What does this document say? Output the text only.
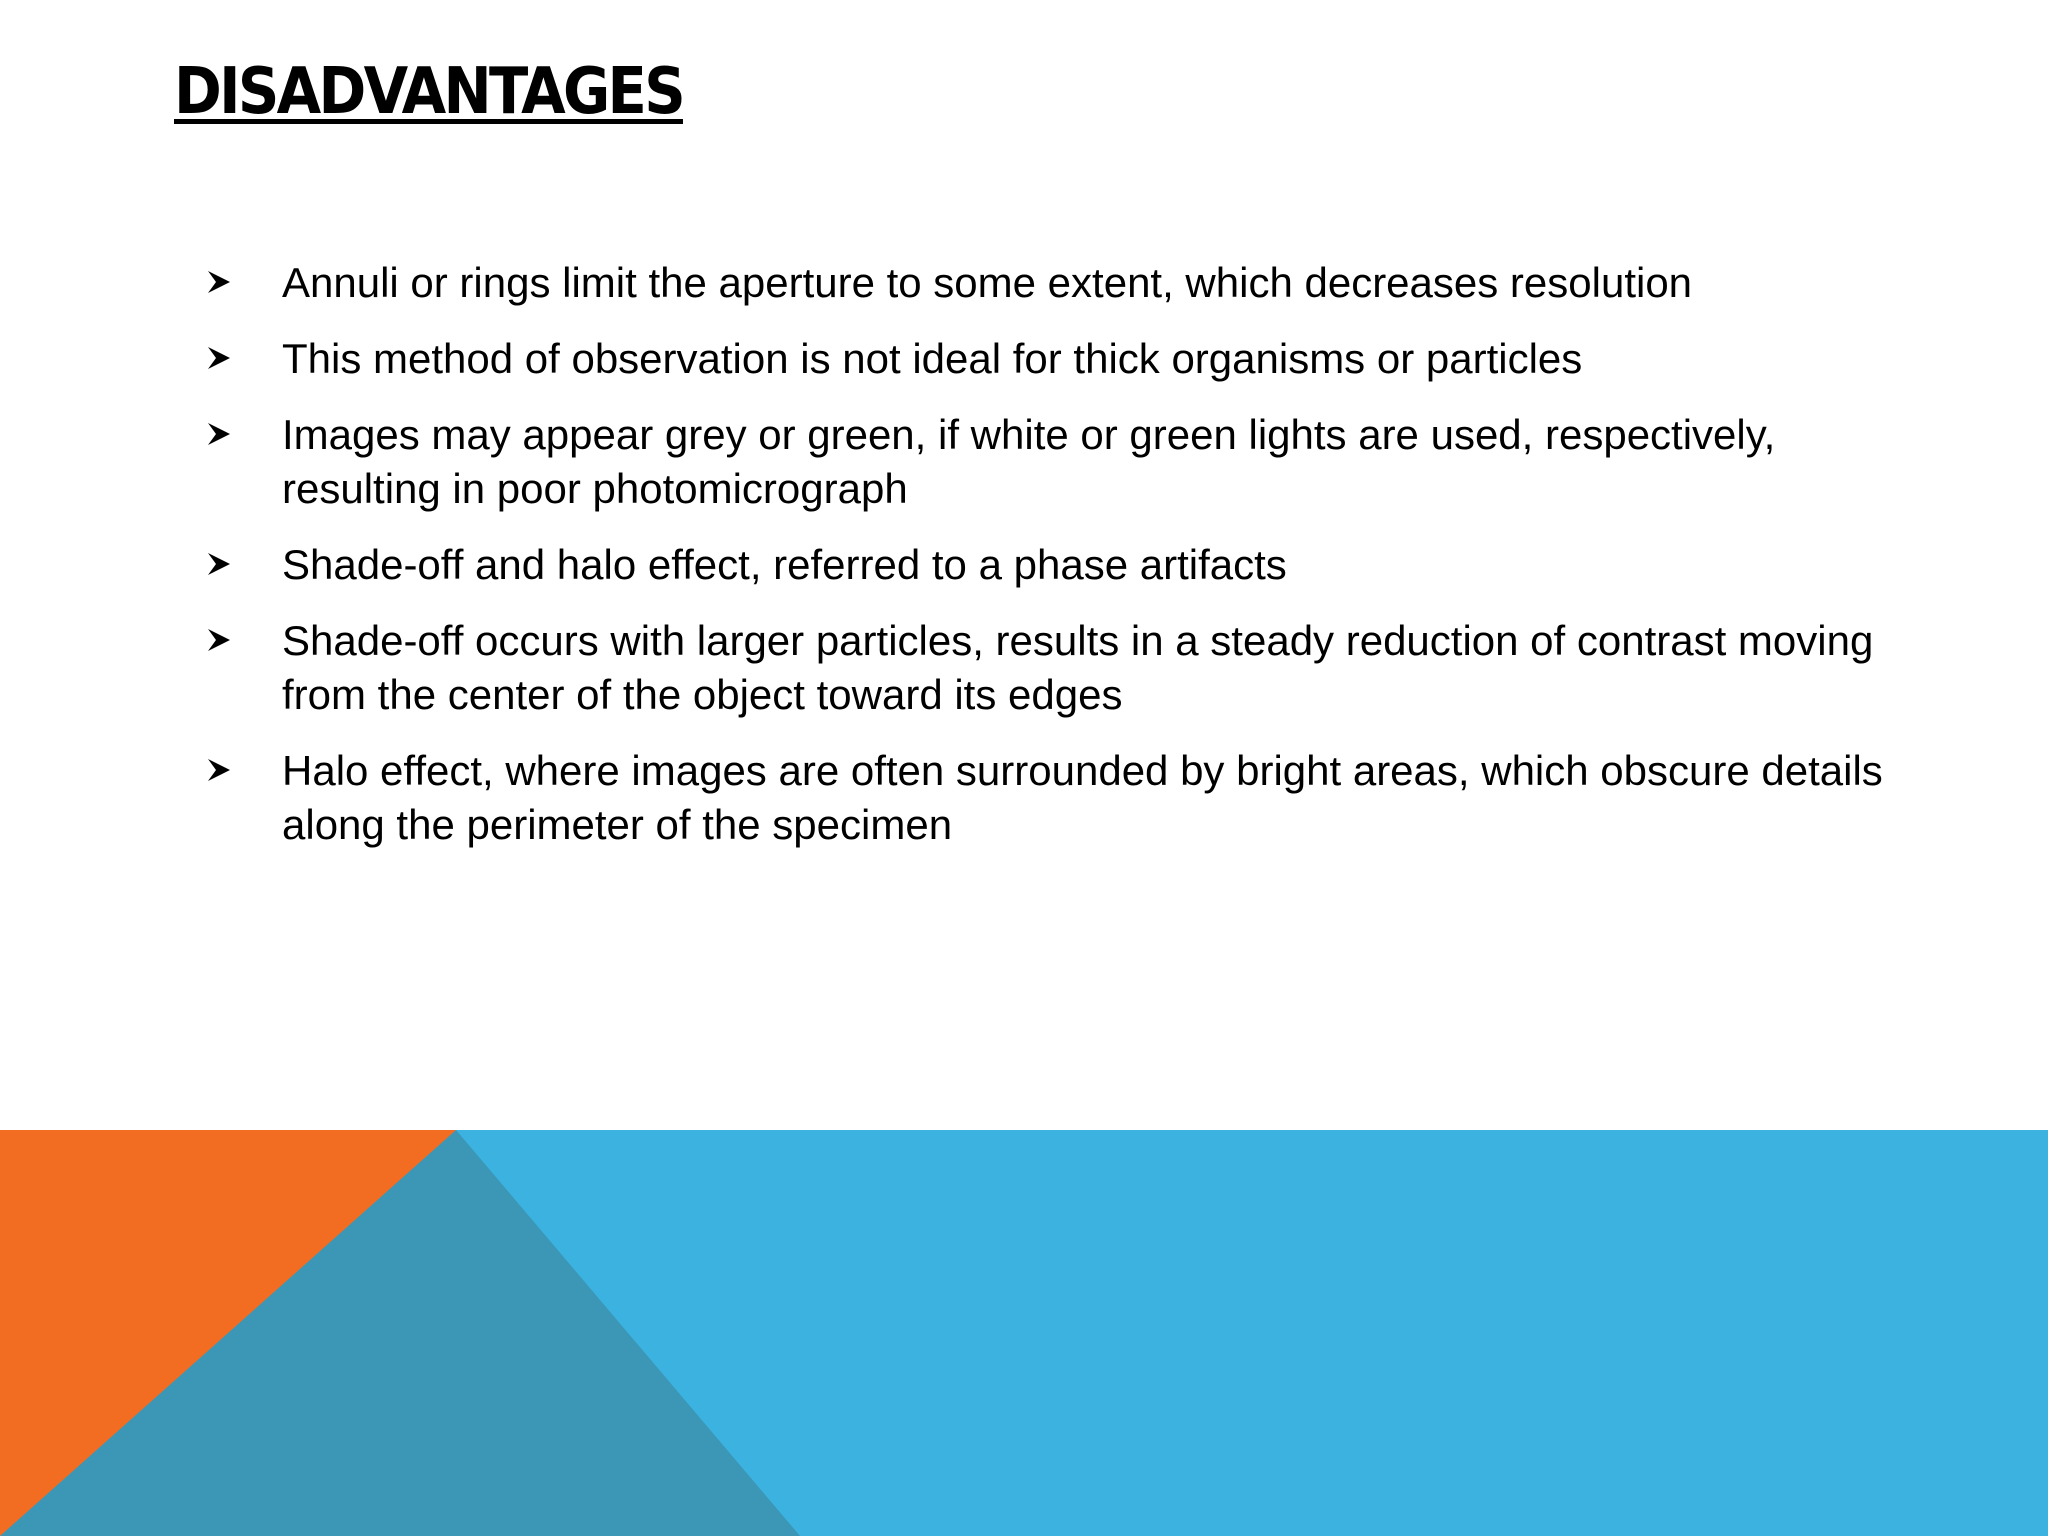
DISADVANTAGES
Annuli or rings limit the aperture to some extent, which decreases resolution
This method of observation is not ideal for thick organisms or particles
Images may appear grey or green, if white or green lights are used, respectively, resulting in poor photomicrograph
Shade-off and halo effect, referred to a phase artifacts
Shade-off occurs with larger particles, results in a steady reduction of contrast moving from the center of the object toward its edges
Halo effect, where images are often surrounded by bright areas, which obscure details along the perimeter of the specimen
